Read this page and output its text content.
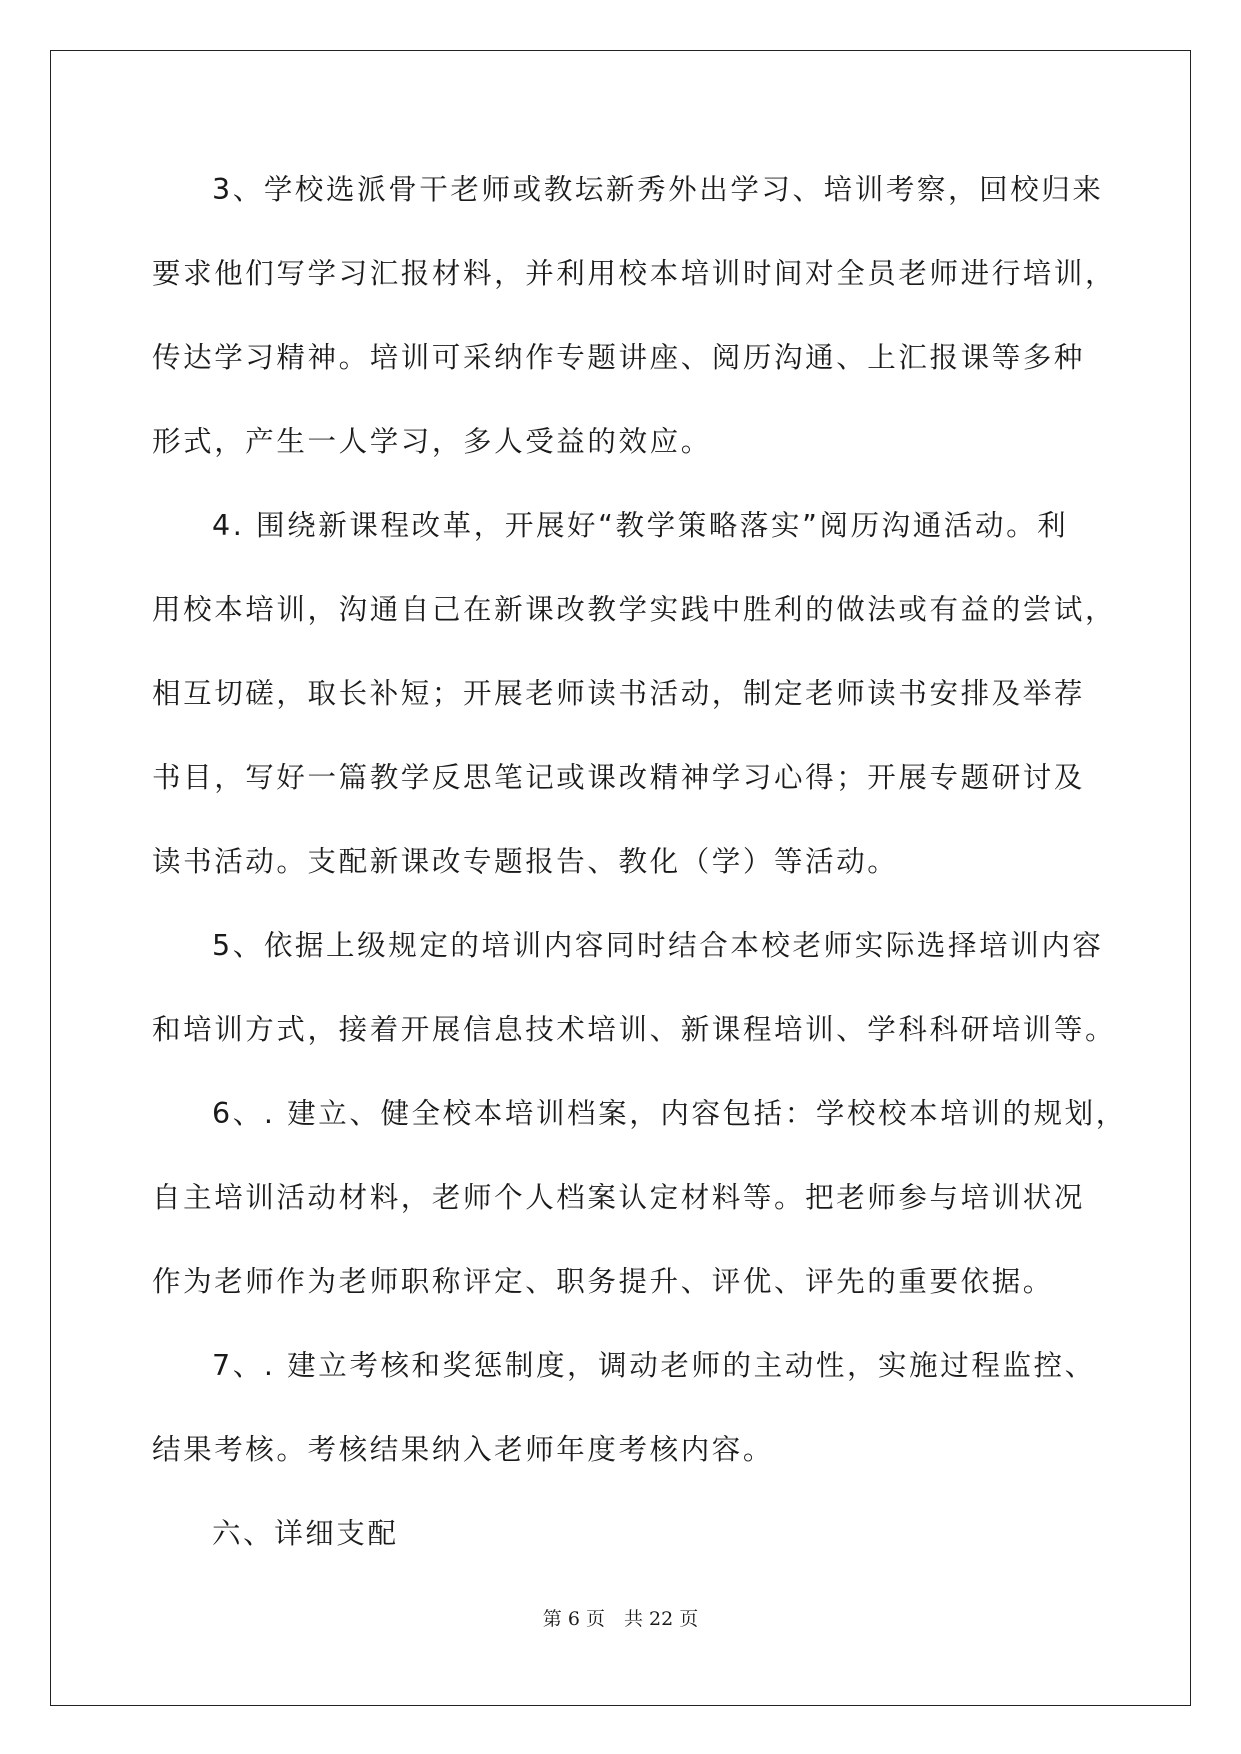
3、学校选派骨干老师或教坛新秀外出学习、培训考察，回校归来
要求他们写学习汇报材料，并利用校本培训时间对全员老师进行培训，
传达学习精神。培训可采纳作专题讲座、阅历沟通、上汇报课等多种
形式，产生一人学习，多人受益的效应。
4. 围绕新课程改革，开展好“教学策略落实”阅历沟通活动。利
用校本培训，沟通自己在新课改教学实践中胜利的做法或有益的尝试，
相互切磋，取长补短；开展老师读书活动，制定老师读书安排及举荐
书目，写好一篇教学反思笔记或课改精神学习心得；开展专题研讨及
读书活动。支配新课改专题报告、教化（学）等活动。
5、依据上级规定的培训内容同时结合本校老师实际选择培训内容
和培训方式，接着开展信息技术培训、新课程培训、学科科研培训等。
6、. 建立、健全校本培训档案，内容包括：学校校本培训的规划，
自主培训活动材料，老师个人档案认定材料等。把老师参与培训状况
作为老师作为老师职称评定、职务提升、评优、评先的重要依据。
7、. 建立考核和奖惩制度，调动老师的主动性，实施过程监控、
结果考核。考核结果纳入老师年度考核内容。
六、详细支配
第 6 页　共 22 页
